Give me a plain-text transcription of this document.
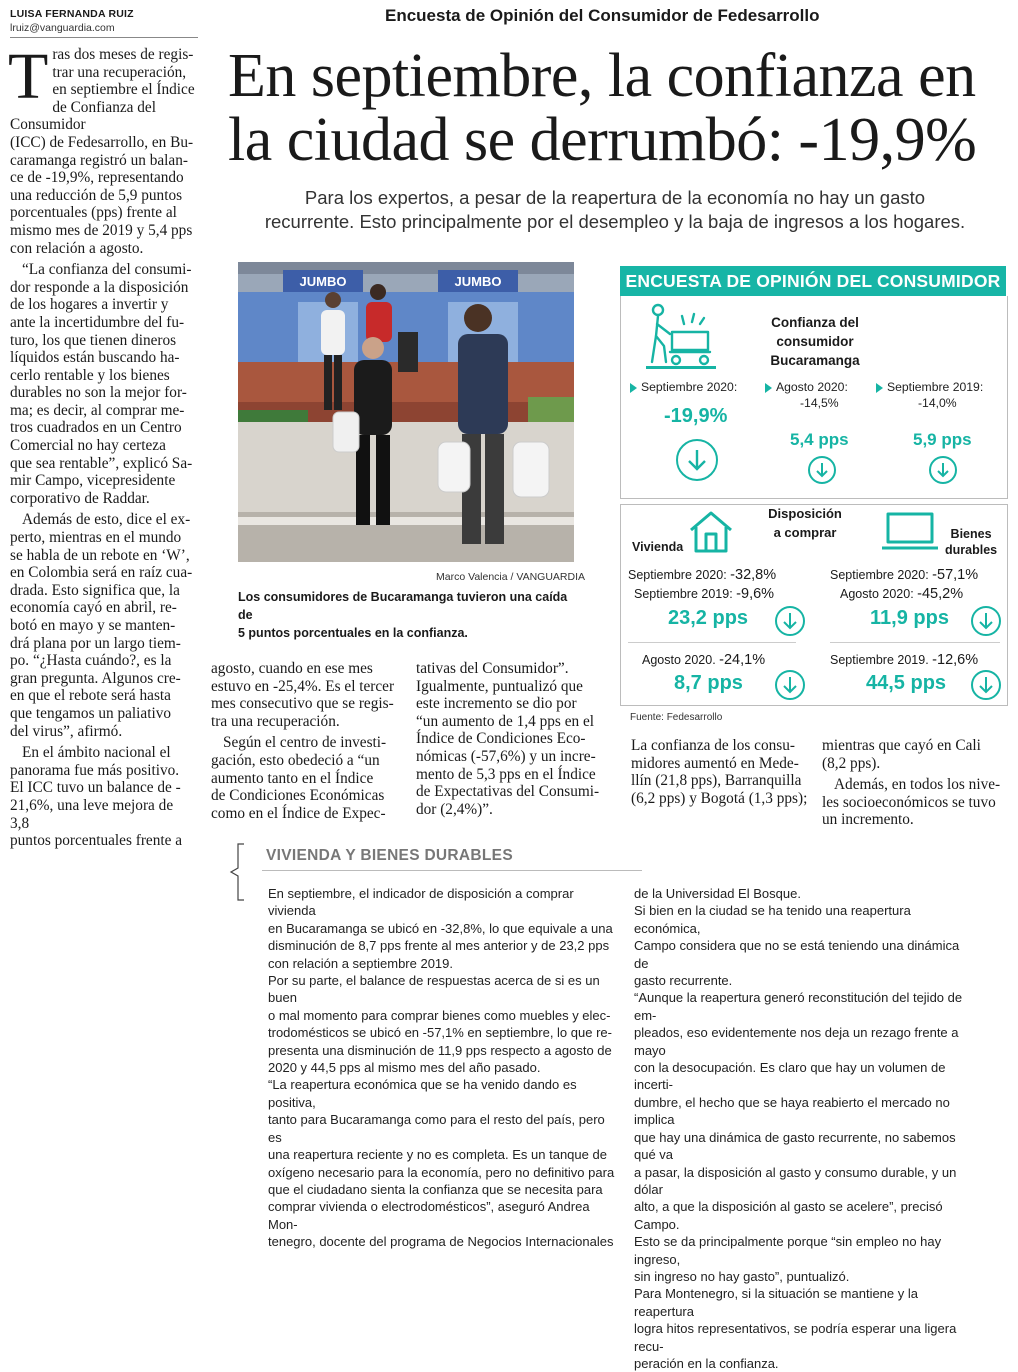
LUISA FERNANDA RUIZ
lruiz@vanguardia.com
Encuesta de Opinión del Consumidor de Fedesarrollo
En septiembre, la confianza en
la ciudad se derrumbó: -19,9%
Para los expertos, a pesar de la reapertura de la economía no hay un gasto
recurrente. Esto principalmente por el desempleo y la baja de ingresos a los hogares.
T ras dos meses de regis-
trar una recuperación,
en septiembre el Índice
de Confianza del Consumidor
(ICC) de Fedesarrollo, en Bu-
caramanga registró un balan-
ce de -19,9%, representando
una reducción de 5,9 puntos
porcentuales (pps) frente al
mismo mes de 2019 y 5,4 pps
con relación a agosto.
“La confianza del consumi-
dor responde a la disposición
de los hogares a invertir y
ante la incertidumbre del fu-
turo, los que tienen dineros
líquidos están buscando ha-
cerlo rentable y los bienes
durables no son la mejor for-
ma; es decir, al comprar me-
tros cuadrados en un Centro
Comercial no hay certeza
que sea rentable”, explicó Sa-
mir Campo, vicepresidente
corporativo de Raddar.
Además de esto, dice el ex-
perto, mientras en el mundo
se habla de un rebote en ‘W’,
en Colombia será en raíz cua-
drada. Esto significa que, la
economía cayó en abril, re-
botó en mayo y se manten-
drá plana por un largo tiem-
po. “¿Hasta cuándo?, es la
gran pregunta. Algunos cre-
en que el rebote será hasta
que tengamos un paliativo
del virus”, afirmó.
En el ámbito nacional el
panorama fue más positivo.
El ICC tuvo un balance de -
21,6%, una leve mejora de 3,8
puntos porcentuales frente a
JUMBO	JUMBO
Marco Valencia / VANGUARDIA
Los consumidores de Bucaramanga tuvieron una caída de
5 puntos porcentuales en la confianza.
agosto, cuando en ese mes
estuvo en -25,4%. Es el tercer
mes consecutivo que se regis-
tra una recuperación.
Según el centro de investi-
gación, esto obedeció a “un
aumento tanto en el Índice
de Condiciones Económicas
como en el Índice de Expec-
tativas del Consumidor”.
Igualmente, puntualizó que
este incremento se dio por
“un aumento de 1,4 pps en el
Índice de Condiciones Eco-
nómicas (-57,6%) y un incre-
mento de 5,3 pps en el Índice
de Expectativas del Consumi-
dor (2,4%)”.
ENCUESTA DE OPINIÓN DEL CONSUMIDOR
Confianza del consumidor
Bucaramanga
Septiembre 2020:
-19,9%
Agosto 2020:
-14,5%
5,4 pps
Septiembre 2019:
-14,0%
5,9 pps
Disposición
a comprar
Vivienda
Bienes
durables
Septiembre 2020: -32,8%
Septiembre 2019: -9,6%
23,2 pps
Agosto 2020. -24,1%
8,7 pps
Septiembre 2020: -57,1%
Agosto 2020: -45,2%
11,9 pps
Septiembre 2019. -12,6%
44,5 pps
Fuente: Fedesarrollo
La confianza de los consu-
midores aumentó en Mede-
llín (21,8 pps), Barranquilla
(6,2 pps) y Bogotá (1,3 pps);
mientras que cayó en Cali
(8,2 pps).
Además, en todos los nive-
les socioeconómicos se tuvo
un incremento.
VIVIENDA Y BIENES DURABLES
En septiembre, el indicador de disposición a comprar vivienda
en Bucaramanga se ubicó en -32,8%, lo que equivale a una
disminución de 8,7 pps frente al mes anterior y de 23,2 pps
con relación a septiembre 2019.
Por su parte, el balance de respuestas acerca de si es un buen
o mal momento para comprar bienes como muebles y elec-
trodomésticos se ubicó en -57,1% en septiembre, lo que re-
presenta una disminución de 11,9 pps respecto a agosto de
2020 y 44,5 pps al mismo mes del año pasado.
“La reapertura económica que se ha venido dando es positiva,
tanto para Bucaramanga como para el resto del país, pero es
una reapertura reciente y no es completa. Es un tanque de
oxígeno necesario para la economía, pero no definitivo para
que el ciudadano sienta la confianza que se necesita para
comprar vivienda o electrodomésticos”, aseguró Andrea Mon-
tenegro, docente del programa de Negocios Internacionales
de la Universidad El Bosque.
Si bien en la ciudad se ha tenido una reapertura económica,
Campo considera que no se está teniendo una dinámica de
gasto recurrente.
“Aunque la reapertura generó reconstitución del tejido de em-
pleados, eso evidentemente nos deja un rezago frente a mayo
con la desocupación. Es claro que hay un volumen de incerti-
dumbre, el hecho que se haya reabierto el mercado no implica
que hay una dinámica de gasto recurrente, no sabemos qué va
a pasar, la disposición al gasto y consumo durable, y un dólar
alto, a que la disposición al gasto se acelere”, precisó Campo.
Esto se da principalmente porque “sin empleo no hay ingreso,
sin ingreso no hay gasto”, puntualizó.
Para Montenegro, si la situación se mantiene y la reapertura
logra hitos representativos, se podría esperar una ligera recu-
peración en la confianza.
